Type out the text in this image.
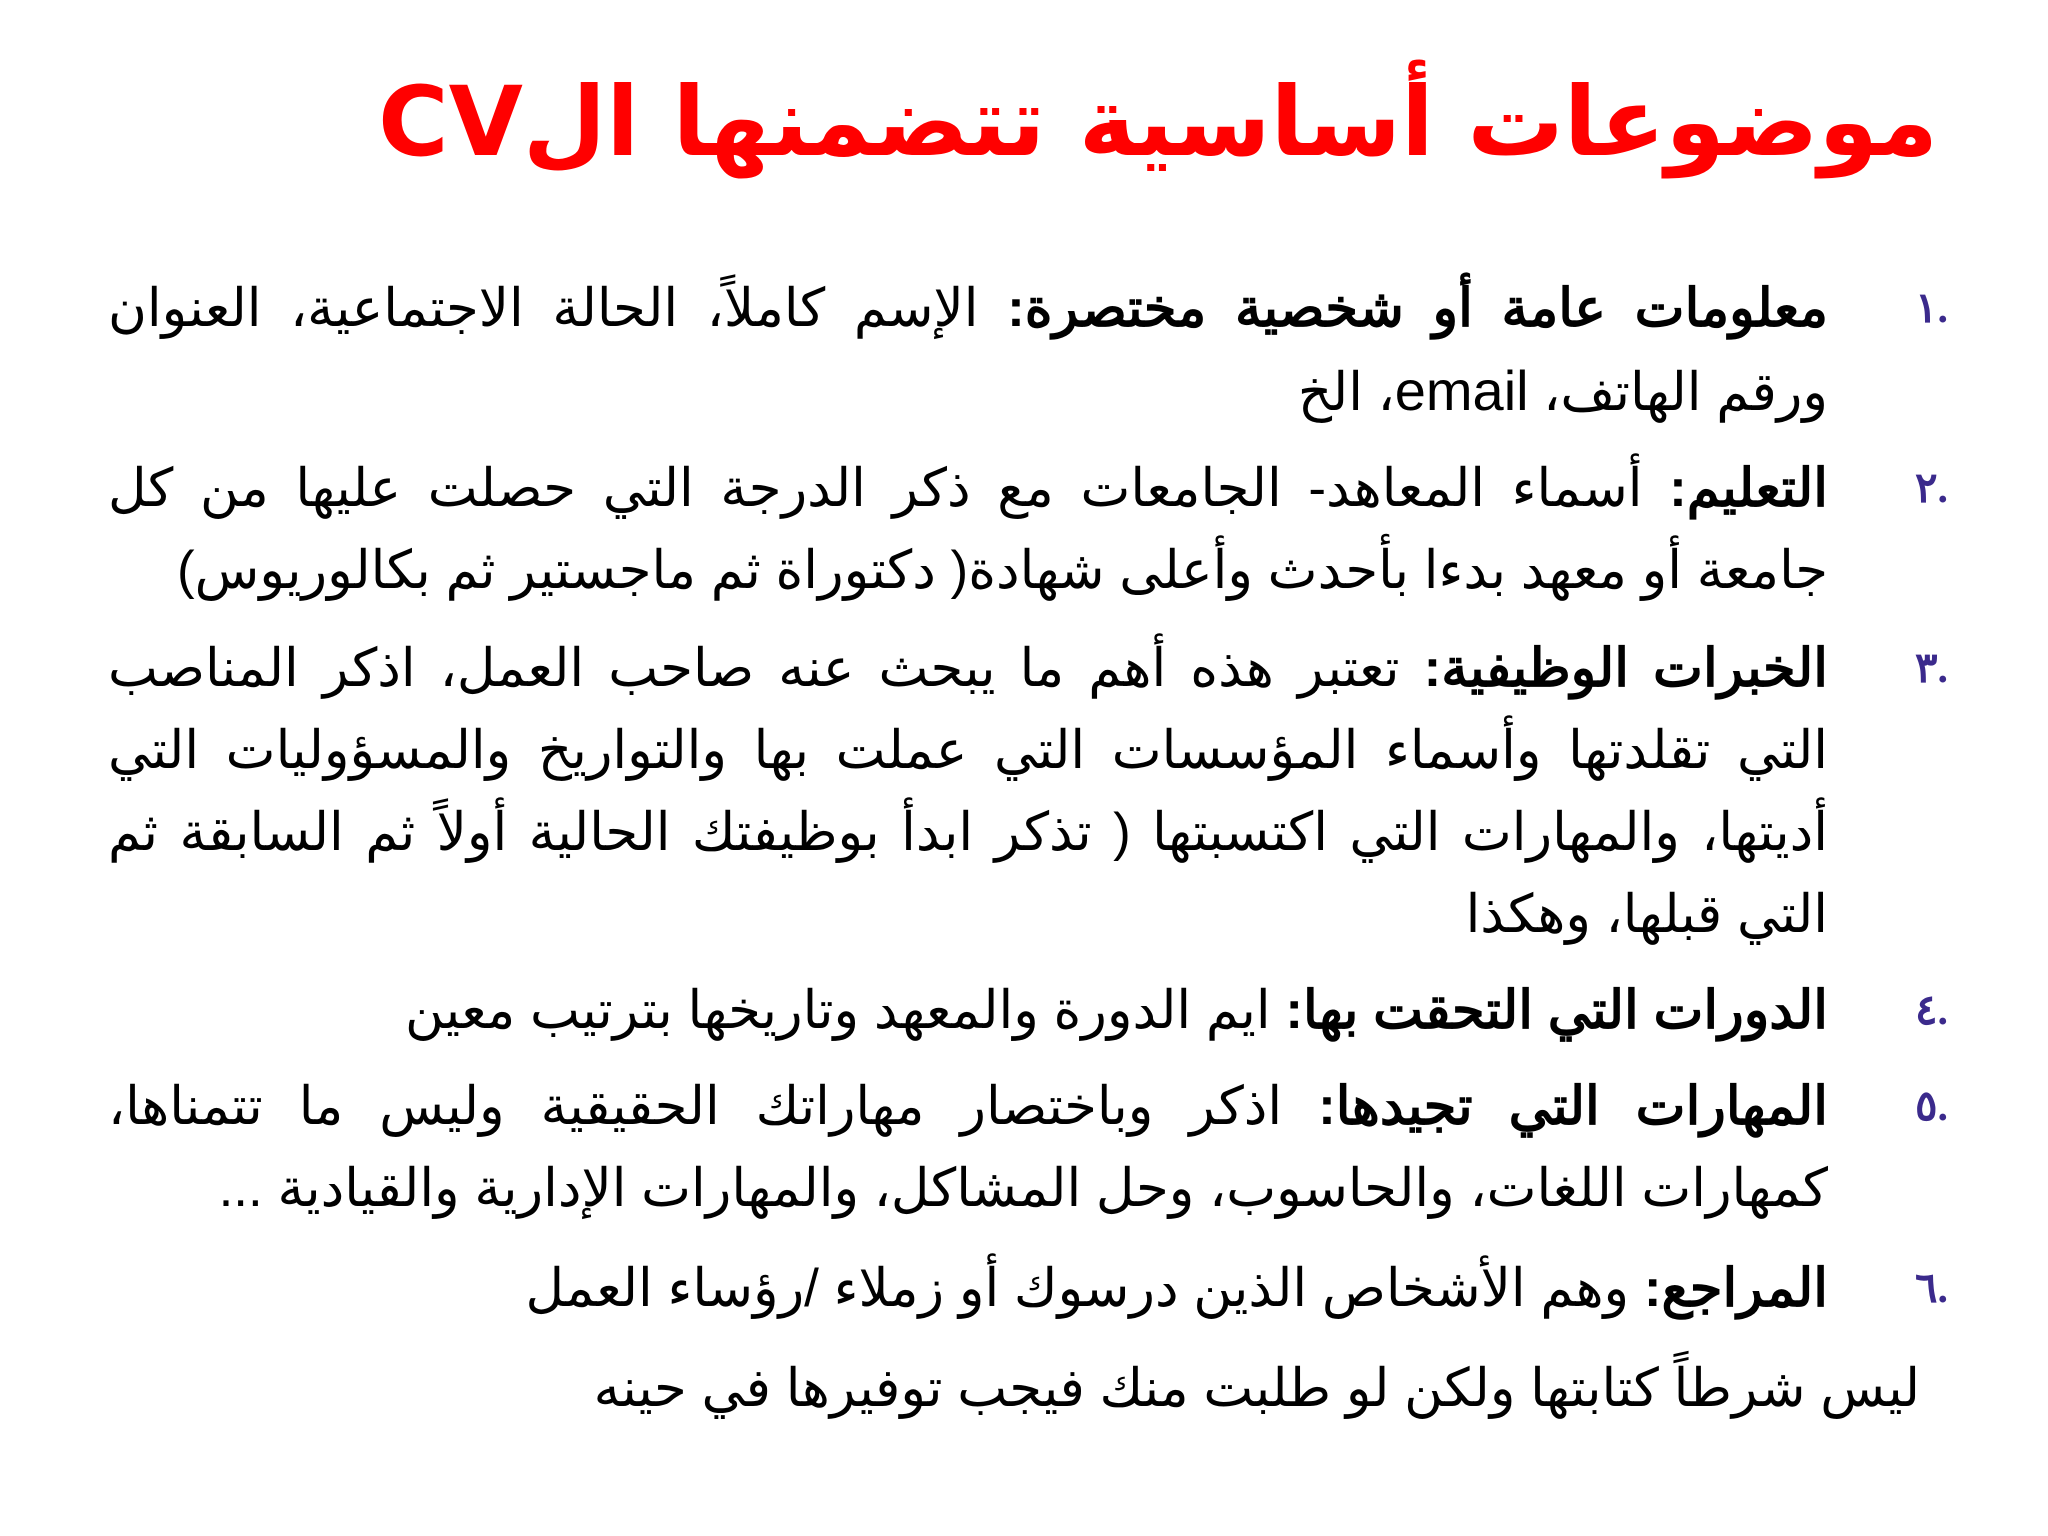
موضوعات أساسية تتضمنها الCV
١.
معلومات عامة أو شخصية مختصرة: الإسم كاملاً، الحالة الاجتماعية، العنوان ورقم الهاتف، email، الخ
٢.
التعليم: أسماء المعاهد- الجامعات مع ذكر الدرجة التي حصلت عليها من كل جامعة أو معهد بدءا بأحدث وأعلى شهادة( دكتوراة ثم ماجستير ثم بكالوريوس)
٣.
الخبرات الوظيفية: تعتبر هذه أهم ما يبحث عنه صاحب العمل، اذكر المناصب التي تقلدتها وأسماء المؤسسات التي عملت بها والتواريخ والمسؤوليات التي أديتها، والمهارات التي اكتسبتها ( تذكر ابدأ بوظيفتك الحالية أولاً ثم السابقة ثم التي قبلها، وهكذا
٤.
الدورات التي التحقت بها: ايم الدورة والمعهد وتاريخها بترتيب معين
٥.
المهارات التي تجيدها: اذكر وباختصار مهاراتك الحقيقية وليس ما تتمناها، كمهارات اللغات، والحاسوب، وحل المشاكل، والمهارات الإدارية والقيادية ...
٦.
المراجع: وهم الأشخاص الذين درسوك أو زملاء /رؤساء العمل
ليس شرطاً كتابتها ولكن لو طلبت منك فيجب توفيرها في حينه
